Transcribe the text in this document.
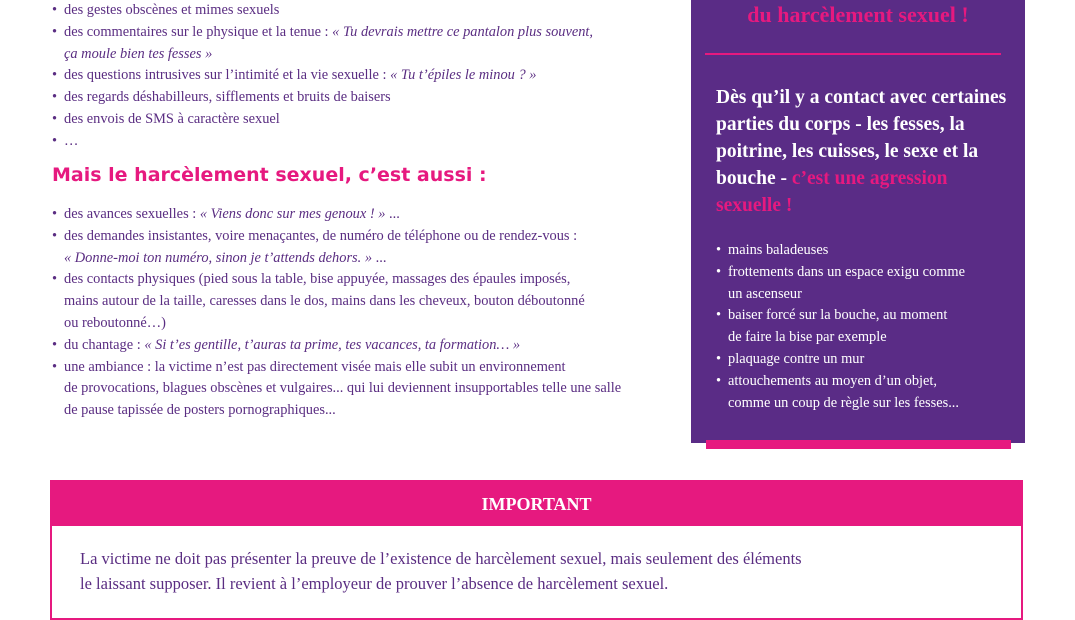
• des gestes obscènes et mimes sexuels
• des commentaires sur le physique et la tenue : « Tu devrais mettre ce pantalon plus souvent,
ça moule bien tes fesses »
• des questions intrusives sur l’intimité et la vie sexuelle : « Tu t’épiles le minou ? »
• des regards déshabilleurs, sifflements et bruits de baisers
• des envois de SMS à caractère sexuel
• …
Mais le harcèlement sexuel, c’est aussi :
• des avances sexuelles : « Viens donc sur mes genoux ! » ...
• des demandes insistantes, voire menaçantes, de numéro de téléphone ou de rendez-vous :
« Donne-moi ton numéro, sinon je t’attends dehors. » ...
• des contacts physiques (pied sous la table, bise appuyée, massages des épaules imposés,
mains autour de la taille, caresses dans le dos, mains dans les cheveux, bouton déboutonné
ou reboutonné…)
• du chantage : « Si t’es gentille, t’auras ta prime, tes vacances, ta formation… »
• une ambiance : la victime n’est pas directement visée mais elle subit un environnement
de provocations, blagues obscènes et vulgaires... qui lui deviennent insupportables telle une salle
de pause tapissée de posters pornographiques...
du harcèlement sexuel !
Dès qu’il y a contact avec certaines parties du corps - les fesses, la poitrine, les cuisses, le sexe et la bouche - c’est une agression sexuelle !
• mains baladeuses
• frottements dans un espace exigu comme
un ascenseur
• baiser forcé sur la bouche, au moment
de faire la bise par exemple
• plaquage contre un mur
• attouchements au moyen d’un objet,
comme un coup de règle sur les fesses...
IMPORTANT

La victime ne doit pas présenter la preuve de l’existence de harcèlement sexuel, mais seulement des éléments
le laissant supposer. Il revient à l’employeur de prouver l’absence de harcèlement sexuel.
